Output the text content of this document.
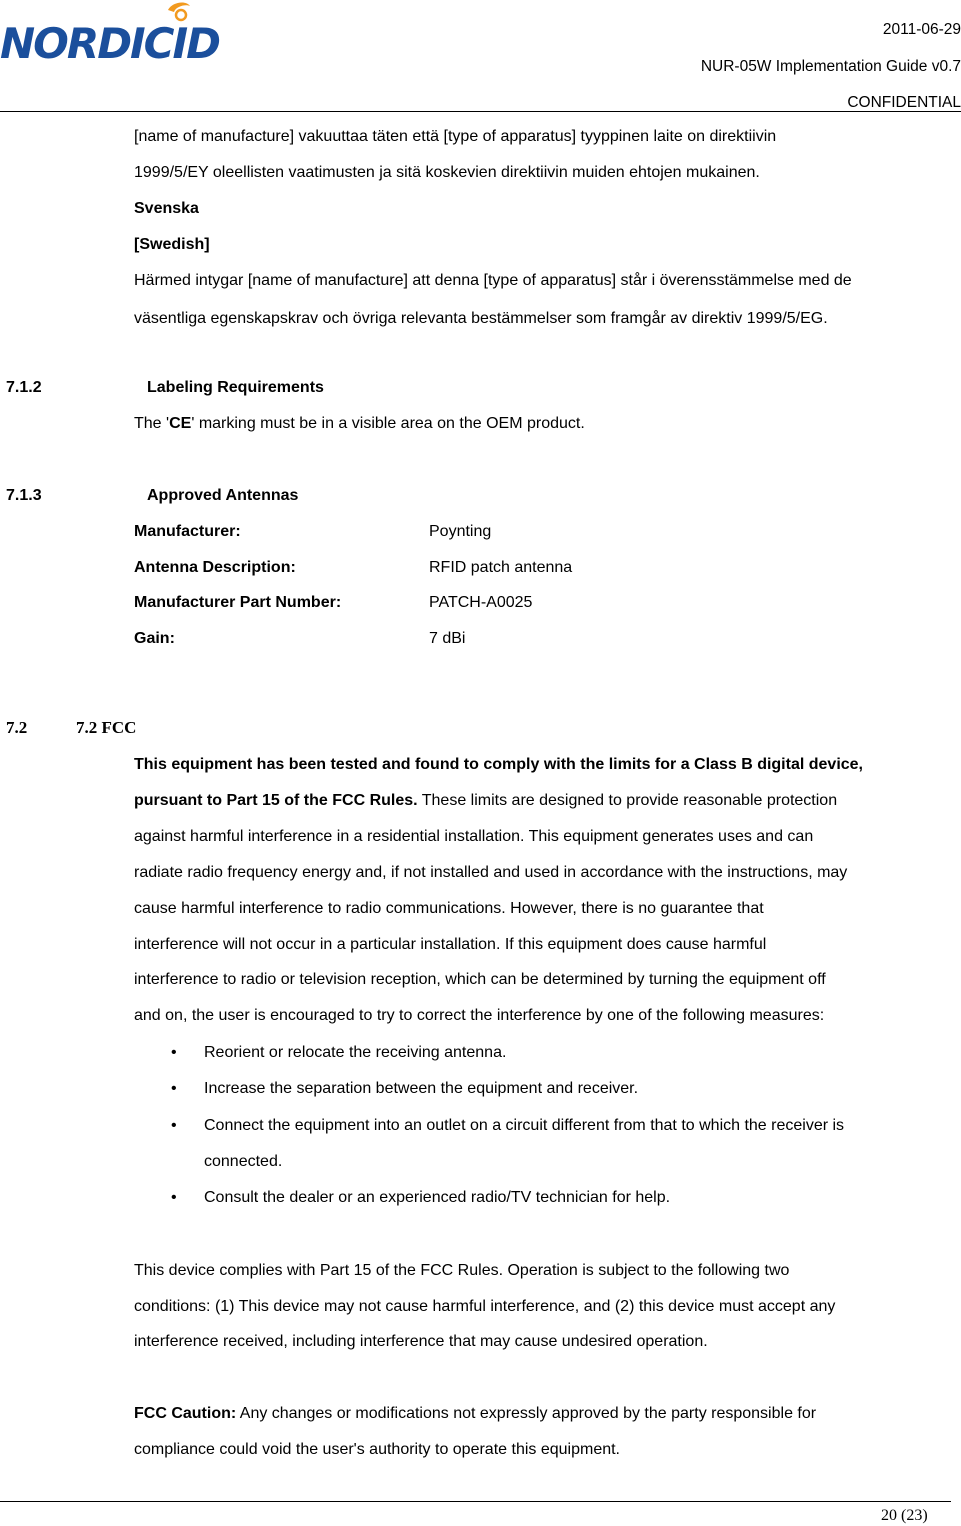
NORDICID	2011-06-29
NUR-05W Implementation Guide v0.7
CONFIDENTIAL
[name of manufacture] vakuuttaa täten että [type of apparatus] tyyppinen laite on direktiivin
1999/5/EY oleellisten vaatimusten ja sitä koskevien direktiivin muiden ehtojen mukainen.
Svenska
[Swedish]
Härmed intygar [name of manufacture] att denna [type of apparatus] står i överensstämmelse med de
väsentliga egenskapskrav och övriga relevanta bestämmelser som framgår av direktiv 1999/5/EG.
7.1.2	Labeling Requirements
The 'CE' marking must be in a visible area on the OEM product.
7.1.3	Approved Antennas
Manufacturer:	Poynting
Antenna Description:	RFID patch antenna
Manufacturer Part Number:	PATCH-A0025
Gain:	7 dBi
7.2	7.2 FCC
This equipment has been tested and found to comply with the limits for a Class B digital device,
pursuant to Part 15 of the FCC Rules. These limits are designed to provide reasonable protection
against harmful interference in a residential installation. This equipment generates uses and can
radiate radio frequency energy and, if not installed and used in accordance with the instructions, may
cause harmful interference to radio communications. However, there is no guarantee that
interference will not occur in a particular installation. If this equipment does cause harmful
interference to radio or television reception, which can be determined by turning the equipment off
and on, the user is encouraged to try to correct the interference by one of the following measures:
• Reorient or relocate the receiving antenna.
• Increase the separation between the equipment and receiver.
• Connect the equipment into an outlet on a circuit different from that to which the receiver is
connected.
• Consult the dealer or an experienced radio/TV technician for help.
This device complies with Part 15 of the FCC Rules. Operation is subject to the following two
conditions: (1) This device may not cause harmful interference, and (2) this device must accept any
interference received, including interference that may cause undesired operation.
FCC Caution: Any changes or modifications not expressly approved by the party responsible for
compliance could void the user's authority to operate this equipment.
20 (23)
